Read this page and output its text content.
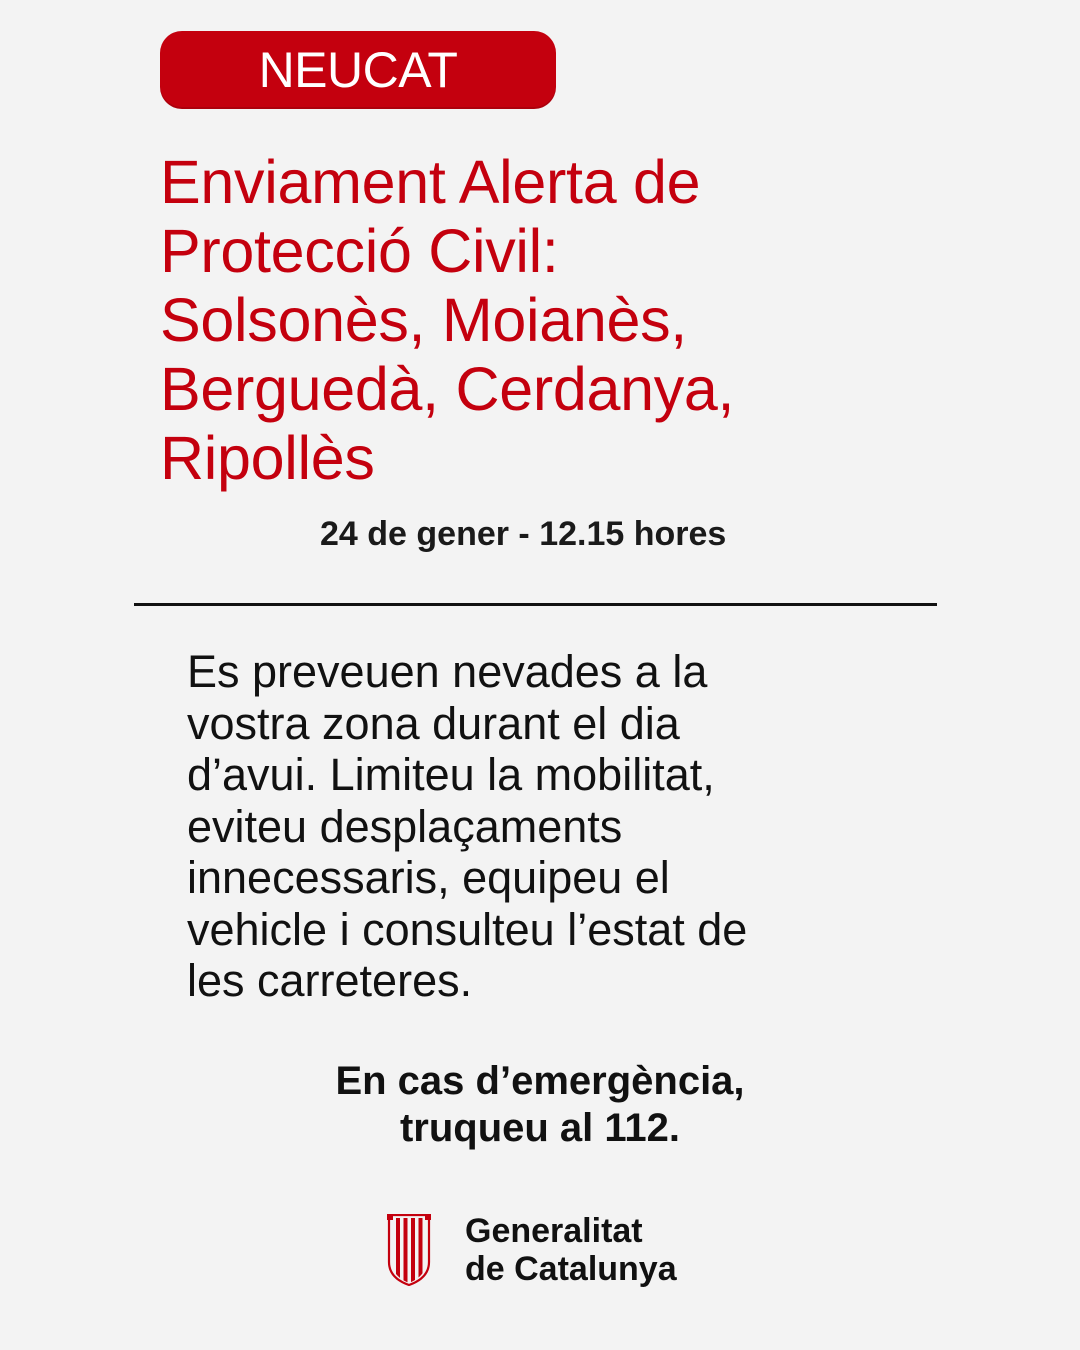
NEUCAT
Enviament Alerta de
Protecció Civil:
Solsonès, Moianès,
Berguedà, Cerdanya,
Ripollès
24 de gener - 12.15 hores

Es preveuen nevades a la
vostra zona durant el dia
d’avui. Limiteu la mobilitat,
eviteu desplaçaments
innecessaris, equipeu el
vehicle i consulteu l’estat de
les carreteres.

En cas d’emergència,
truqueu al 112.
Generalitat
de Catalunya
